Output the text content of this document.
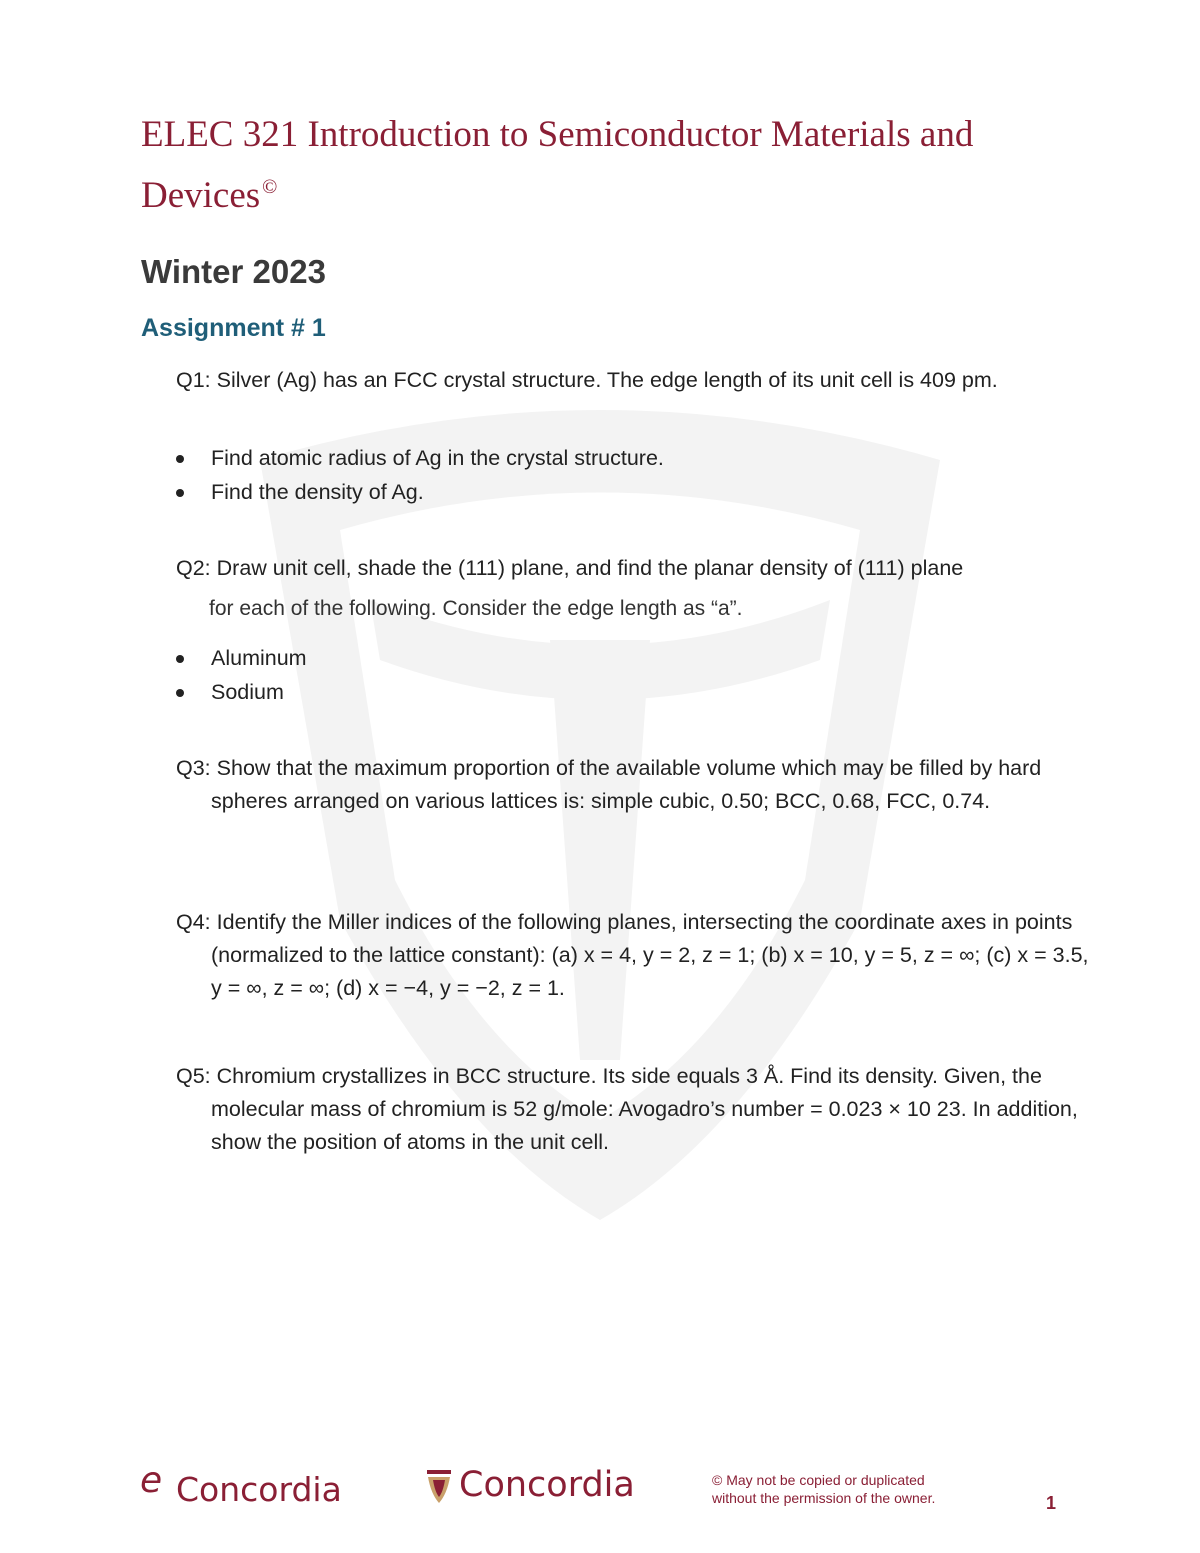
ELEC 321 Introduction to Semiconductor Materials and
Devices ©
Winter 2023
Assignment # 1

Q1: Silver (Ag) has an FCC crystal structure. The edge length of its unit cell is 409 pm.

Find atomic radius of Ag in the crystal structure.
Find the density of Ag.

Q2: Draw unit cell, shade the (111) plane, and find the planar density of (111) plane

for each of the following. Consider the edge length as “a”.

Aluminum
Sodium

Q3: Show that the maximum proportion of the available volume which may be filled by hard spheres arranged on various lattices is: simple cubic, 0.50; BCC, 0.68, FCC, 0.74.

Q4: Identify the Miller indices of the following planes, intersecting the coordinate axes in points (normalized to the lattice constant): (a) x = 4, y = 2, z = 1; (b) x = 10, y = 5, z = ∞; (c) x = 3.5, y = ∞, z = ∞; (d) x = −4, y = −2, z = 1.

Q5: Chromium crystallizes in BCC structure. Its side equals 3 Å. Find its density. Given, the molecular mass of chromium is 52 g/mole: Avogadro’s number = 0.023 × 10 23. In addition, show the position of atoms in the unit cell.

e Concordia	Concordia	© May not be copied or duplicated
without the permission of the owner.	1
